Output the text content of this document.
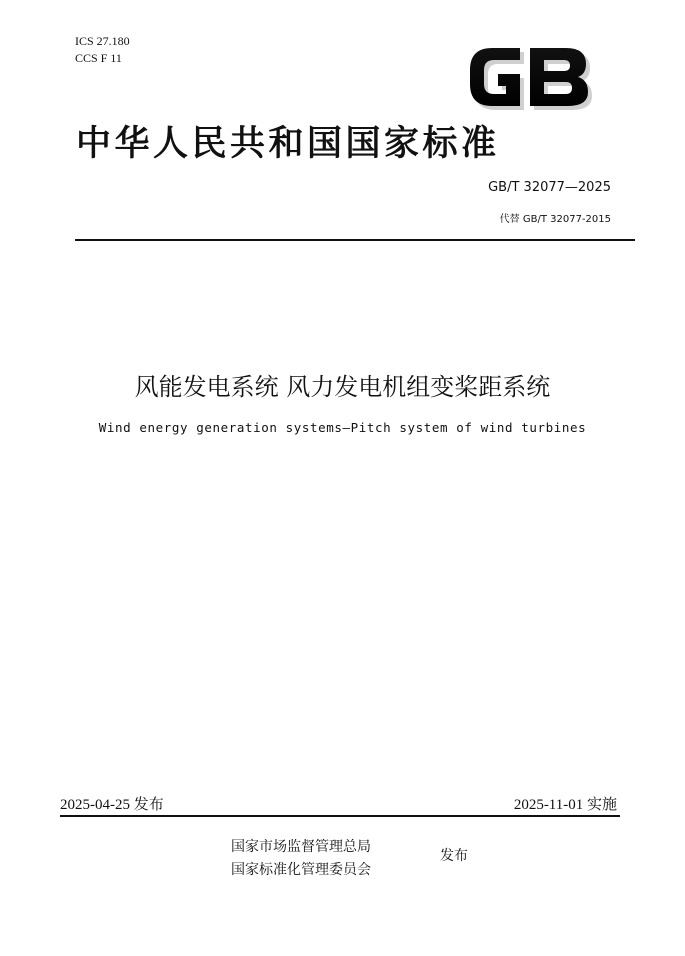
ICS 27.180
CCS F 11
中华人民共和国国家标准
GB/T 32077—2025
代替 GB/T 32077-2015
风能发电系统 风力发电机组变桨距系统
Wind energy generation systems—Pitch system of wind turbines
2025-04-25 发布	2025-11-01 实施
国家市场监督管理总局
国家标准化管理委员会
发布
